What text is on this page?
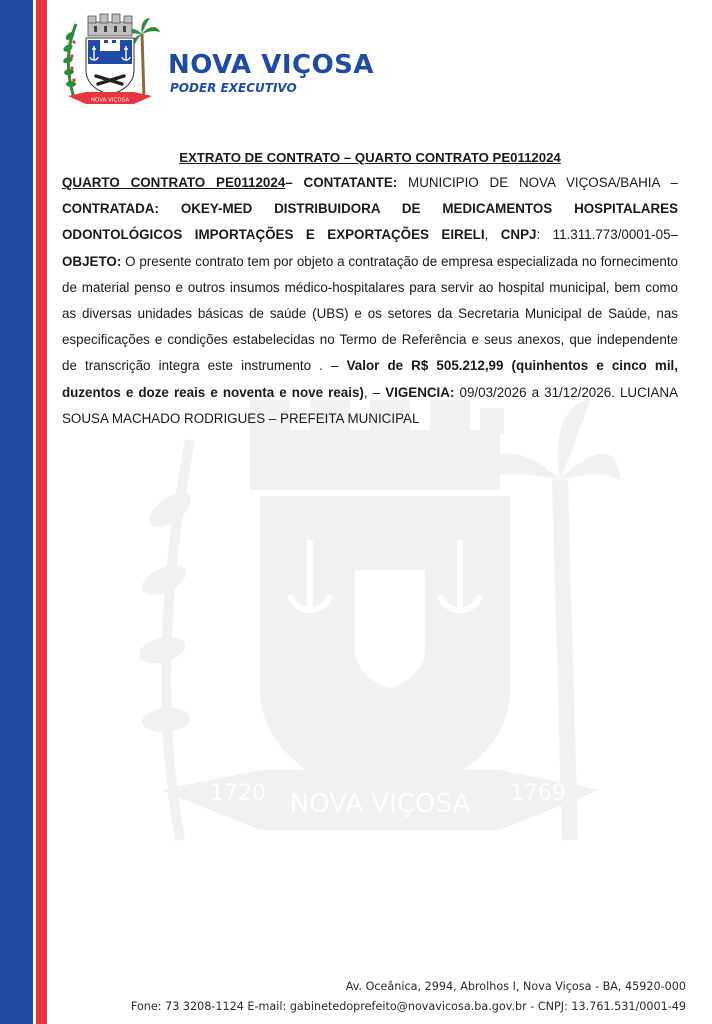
NOVA VIÇOSA
NOVA VIÇOSA
PODER EXECUTIVO
NOVA VIÇOSA
1720	1769
EXTRATO DE CONTRATO – QUARTO CONTRATO PE0112024
QUARTO CONTRATO PE0112024– CONTATANTE: MUNICIPIO DE NOVA VIÇOSA/BAHIA – CONTRATADA: OKEY-MED DISTRIBUIDORA DE MEDICAMENTOS HOSPITALARES ODONTOLÓGICOS IMPORTAÇÕES E EXPORTAÇÕES EIRELI, CNPJ: 11.311.773/0001-05– OBJETO: O presente contrato tem por objeto a contratação de empresa especializada no fornecimento de material penso e outros insumos médico-hospitalares para servir ao hospital municipal, bem como as diversas unidades básicas de saúde (UBS) e os setores da Secretaria Municipal de Saúde, nas especificações e condições estabelecidas no Termo de Referência e seus anexos, que independente de transcrição integra este instrumento . – Valor de R$ 505.212,99 (quinhentos e cinco mil, duzentos e doze reais e noventa e nove reais), – VIGENCIA: 09/03/2026 a 31/12/2026. LUCIANA SOUSA MACHADO RODRIGUES – PREFEITA MUNICIPAL
Av. Oceânica, 2994, Abrolhos I, Nova Viçosa - BA, 45920-000
Fone: 73 3208-1124 E-mail: gabinetedoprefeito@novavicosa.ba.gov.br - CNPJ: 13.761.531/0001-49
